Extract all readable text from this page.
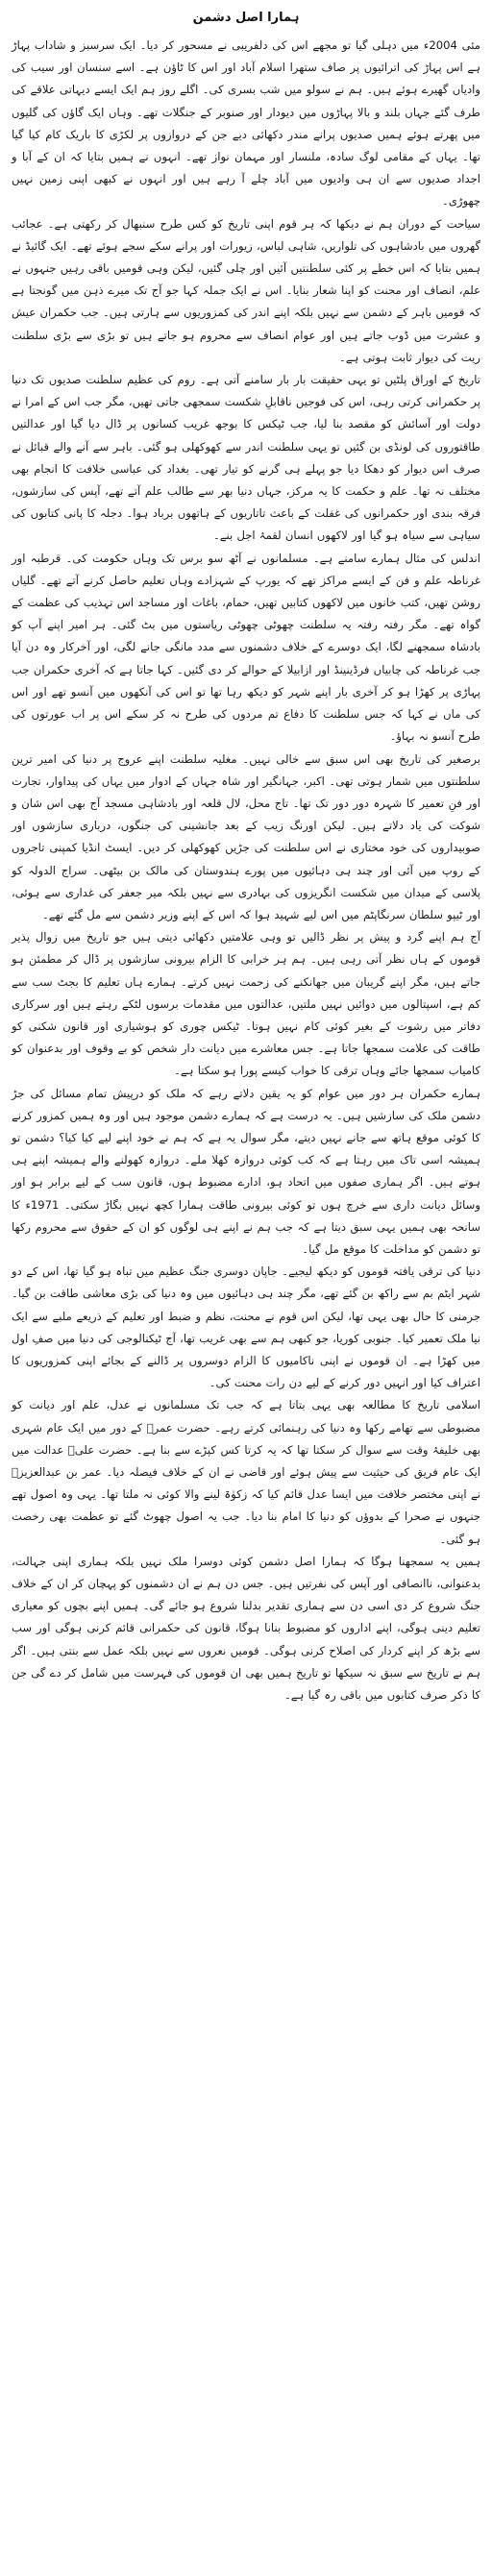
ہمارا اصل دشمن

مئی 2004ء میں دہلی گیا تو مجھے اس کی دلفریبی نے مسحور کر دیا۔ ایک سرسبز و شاداب پہاڑ ہے اس پہاڑ کی اترائیوں پر صاف ستھرا اسلام آباد اور اس کا ٹاؤن ہے۔ اسے سنسان اور سیب کی وادیاں گھیرے ہوئے ہیں۔ ہم نے سولو میں شب بسری کی۔ اگلے روز ہم ایک ایسے دیہاتی علاقے کی طرف گئے جہاں بلند و بالا پہاڑوں میں دیودار اور صنوبر کے جنگلات تھے۔ وہاں ایک گاؤں کی گلیوں میں پھرتے ہوئے ہمیں صدیوں پرانے مندر دکھائی دیے جن کے دروازوں پر لکڑی کا باریک کام کیا گیا تھا۔ یہاں کے مقامی لوگ سادہ، ملنسار اور مہمان نواز تھے۔ انہوں نے ہمیں بتایا کہ ان کے آبا و اجداد صدیوں سے ان ہی وادیوں میں آباد چلے آ رہے ہیں اور انہوں نے کبھی اپنی زمین نہیں چھوڑی۔

سیاحت کے دوران ہم نے دیکھا کہ ہر قوم اپنی تاریخ کو کس طرح سنبھال کر رکھتی ہے۔ عجائب گھروں میں بادشاہوں کی تلواریں، شاہی لباس، زیورات اور پرانے سکے سجے ہوئے تھے۔ ایک گائیڈ نے ہمیں بتایا کہ اس خطے پر کئی سلطنتیں آئیں اور چلی گئیں، لیکن وہی قومیں باقی رہیں جنہوں نے علم، انصاف اور محنت کو اپنا شعار بنایا۔ اس نے ایک جملہ کہا جو آج تک میرے ذہن میں گونجتا ہے کہ قومیں باہر کے دشمن سے نہیں بلکہ اپنے اندر کی کمزوریوں سے ہارتی ہیں۔ جب حکمران عیش و عشرت میں ڈوب جاتے ہیں اور عوام انصاف سے محروم ہو جاتے ہیں تو بڑی سے بڑی سلطنت ریت کی دیوار ثابت ہوتی ہے۔

تاریخ کے اوراق پلٹیں تو یہی حقیقت بار بار سامنے آتی ہے۔ روم کی عظیم سلطنت صدیوں تک دنیا پر حکمرانی کرتی رہی، اس کی فوجیں ناقابلِ شکست سمجھی جاتی تھیں، مگر جب اس کے امرا نے دولت اور آسائش کو مقصد بنا لیا، جب ٹیکس کا بوجھ غریب کسانوں پر ڈال دیا گیا اور عدالتیں طاقتوروں کی لونڈی بن گئیں تو یہی سلطنت اندر سے کھوکھلی ہو گئی۔ باہر سے آنے والے قبائل نے صرف اس دیوار کو دھکا دیا جو پہلے ہی گرنے کو تیار تھی۔ بغداد کی عباسی خلافت کا انجام بھی مختلف نہ تھا۔ علم و حکمت کا یہ مرکز، جہاں دنیا بھر سے طالب علم آتے تھے، آپس کی سازشوں، فرقہ بندی اور حکمرانوں کی غفلت کے باعث تاتاریوں کے ہاتھوں برباد ہوا۔ دجلہ کا پانی کتابوں کی سیاہی سے سیاہ ہو گیا اور لاکھوں انسان لقمۂ اجل بنے۔

اندلس کی مثال ہمارے سامنے ہے۔ مسلمانوں نے آٹھ سو برس تک وہاں حکومت کی۔ قرطبہ اور غرناطہ علم و فن کے ایسے مراکز تھے کہ یورپ کے شہزادے وہاں تعلیم حاصل کرنے آتے تھے۔ گلیاں روشن تھیں، کتب خانوں میں لاکھوں کتابیں تھیں، حمام، باغات اور مساجد اس تہذیب کی عظمت کے گواہ تھے۔ مگر رفتہ رفتہ یہ سلطنت چھوٹی چھوٹی ریاستوں میں بٹ گئی۔ ہر امیر اپنے آپ کو بادشاہ سمجھنے لگا، ایک دوسرے کے خلاف دشمنوں سے مدد مانگی جانے لگی، اور آخرکار وہ دن آیا جب غرناطہ کی چابیاں فرڈینینڈ اور ازابیلا کے حوالے کر دی گئیں۔ کہا جاتا ہے کہ آخری حکمران جب پہاڑی پر کھڑا ہو کر آخری بار اپنے شہر کو دیکھ رہا تھا تو اس کی آنکھوں میں آنسو تھے اور اس کی ماں نے کہا کہ جس سلطنت کا دفاع تم مردوں کی طرح نہ کر سکے اس پر اب عورتوں کی طرح آنسو نہ بہاؤ۔

برصغیر کی تاریخ بھی اس سبق سے خالی نہیں۔ مغلیہ سلطنت اپنے عروج پر دنیا کی امیر ترین سلطنتوں میں شمار ہوتی تھی۔ اکبر، جہانگیر اور شاہ جہاں کے ادوار میں یہاں کی پیداوار، تجارت اور فنِ تعمیر کا شہرہ دور دور تک تھا۔ تاج محل، لال قلعہ اور بادشاہی مسجد آج بھی اس شان و شوکت کی یاد دلاتے ہیں۔ لیکن اورنگ زیب کے بعد جانشینی کی جنگوں، درباری سازشوں اور صوبیداروں کی خود مختاری نے اس سلطنت کی جڑیں کھوکھلی کر دیں۔ ایسٹ انڈیا کمپنی تاجروں کے روپ میں آئی اور چند ہی دہائیوں میں پورے ہندوستان کی مالک بن بیٹھی۔ سراج الدولہ کو پلاسی کے میدان میں شکست انگریزوں کی بہادری سے نہیں بلکہ میر جعفر کی غداری سے ہوئی، اور ٹیپو سلطان سرنگاپٹم میں اس لیے شہید ہوا کہ اس کے اپنے وزیر دشمن سے مل گئے تھے۔

آج ہم اپنے گرد و پیش پر نظر ڈالیں تو وہی علامتیں دکھائی دیتی ہیں جو تاریخ میں زوال پذیر قوموں کے ہاں نظر آتی رہی ہیں۔ ہم ہر خرابی کا الزام بیرونی سازشوں پر ڈال کر مطمئن ہو جاتے ہیں، مگر اپنے گریبان میں جھانکنے کی زحمت نہیں کرتے۔ ہمارے ہاں تعلیم کا بجٹ سب سے کم ہے، اسپتالوں میں دوائیں نہیں ملتیں، عدالتوں میں مقدمات برسوں لٹکے رہتے ہیں اور سرکاری دفاتر میں رشوت کے بغیر کوئی کام نہیں ہوتا۔ ٹیکس چوری کو ہوشیاری اور قانون شکنی کو طاقت کی علامت سمجھا جاتا ہے۔ جس معاشرے میں دیانت دار شخص کو بے وقوف اور بدعنوان کو کامیاب سمجھا جائے وہاں ترقی کا خواب کیسے پورا ہو سکتا ہے۔

ہمارے حکمران ہر دور میں عوام کو یہ یقین دلاتے رہے کہ ملک کو درپیش تمام مسائل کی جڑ دشمن ملک کی سازشیں ہیں۔ یہ درست ہے کہ ہمارے دشمن موجود ہیں اور وہ ہمیں کمزور کرنے کا کوئی موقع ہاتھ سے جانے نہیں دیتے، مگر سوال یہ ہے کہ ہم نے خود اپنے لیے کیا کیا؟ دشمن تو ہمیشہ اسی تاک میں رہتا ہے کہ کب کوئی دروازہ کھلا ملے۔ دروازہ کھولنے والے ہمیشہ اپنے ہی ہوتے ہیں۔ اگر ہماری صفوں میں اتحاد ہو، ادارے مضبوط ہوں، قانون سب کے لیے برابر ہو اور وسائل دیانت داری سے خرچ ہوں تو کوئی بیرونی طاقت ہمارا کچھ نہیں بگاڑ سکتی۔ 1971ء کا سانحہ بھی ہمیں یہی سبق دیتا ہے کہ جب ہم نے اپنے ہی لوگوں کو ان کے حقوق سے محروم رکھا تو دشمن کو مداخلت کا موقع مل گیا۔

دنیا کی ترقی یافتہ قوموں کو دیکھ لیجیے۔ جاپان دوسری جنگ عظیم میں تباہ ہو گیا تھا، اس کے دو شہر ایٹم بم سے راکھ بن گئے تھے، مگر چند ہی دہائیوں میں وہ دنیا کی بڑی معاشی طاقت بن گیا۔ جرمنی کا حال بھی یہی تھا، لیکن اس قوم نے محنت، نظم و ضبط اور تعلیم کے ذریعے ملبے سے ایک نیا ملک تعمیر کیا۔ جنوبی کوریا، جو کبھی ہم سے بھی غریب تھا، آج ٹیکنالوجی کی دنیا میں صفِ اول میں کھڑا ہے۔ ان قوموں نے اپنی ناکامیوں کا الزام دوسروں پر ڈالنے کے بجائے اپنی کمزوریوں کا اعتراف کیا اور انہیں دور کرنے کے لیے دن رات محنت کی۔

اسلامی تاریخ کا مطالعہ بھی یہی بتاتا ہے کہ جب تک مسلمانوں نے عدل، علم اور دیانت کو مضبوطی سے تھامے رکھا وہ دنیا کی رہنمائی کرتے رہے۔ حضرت عمرؓ کے دور میں ایک عام شہری بھی خلیفۂ وقت سے سوال کر سکتا تھا کہ یہ کرتا کس کپڑے سے بنا ہے۔ حضرت علیؓ عدالت میں ایک عام فریق کی حیثیت سے پیش ہوئے اور قاضی نے ان کے خلاف فیصلہ دیا۔ عمر بن عبدالعزیزؒ نے اپنی مختصر خلافت میں ایسا عدل قائم کیا کہ زکوٰۃ لینے والا کوئی نہ ملتا تھا۔ یہی وہ اصول تھے جنہوں نے صحرا کے بدوؤں کو دنیا کا امام بنا دیا۔ جب یہ اصول چھوٹ گئے تو عظمت بھی رخصت ہو گئی۔

ہمیں یہ سمجھنا ہوگا کہ ہمارا اصل دشمن کوئی دوسرا ملک نہیں بلکہ ہماری اپنی جہالت، بدعنوانی، ناانصافی اور آپس کی نفرتیں ہیں۔ جس دن ہم نے ان دشمنوں کو پہچان کر ان کے خلاف جنگ شروع کر دی اسی دن سے ہماری تقدیر بدلنا شروع ہو جائے گی۔ ہمیں اپنے بچوں کو معیاری تعلیم دینی ہوگی، اپنے اداروں کو مضبوط بنانا ہوگا، قانون کی حکمرانی قائم کرنی ہوگی اور سب سے بڑھ کر اپنے کردار کی اصلاح کرنی ہوگی۔ قومیں نعروں سے نہیں بلکہ عمل سے بنتی ہیں۔ اگر ہم نے تاریخ سے سبق نہ سیکھا تو تاریخ ہمیں بھی ان قوموں کی فہرست میں شامل کر دے گی جن کا ذکر صرف کتابوں میں باقی رہ گیا ہے۔
